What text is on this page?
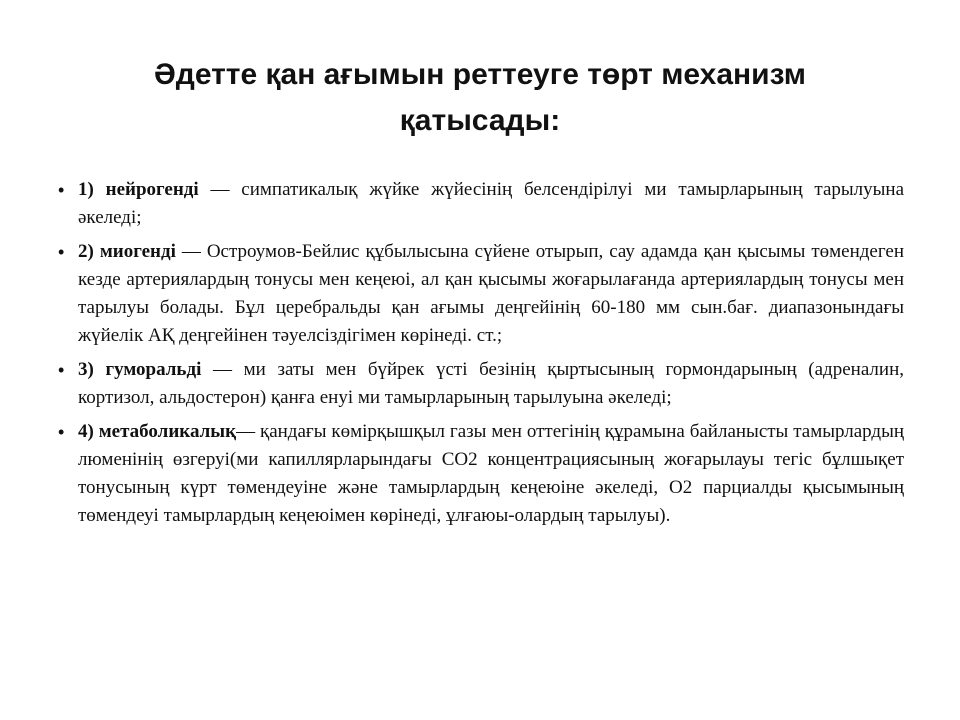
Әдетте қан ағымын реттеуге төрт механизм
қатысады:
• 1) нейрогенді — симпатикалық жүйке жүйесінің белсендірілуі ми тамырларының тарылуына әкеледі;
• 2) миогенді — Остроумов-Бейлис құбылысына сүйене отырып, сау адамда қан қысымы төмендеген кезде артериялардың тонусы мен кеңеюі, ал қан қысымы жоғарылағанда артериялардың тонусы мен тарылуы болады. Бұл церебральды қан ағымы деңгейінің 60-180 мм сын.бағ. диапазонындағы жүйелік АҚ деңгейінен тәуелсіздігімен көрінеді. ст.;
• 3) гуморальді — ми заты мен бүйрек үсті безінің қыртысының гормондарының (адреналин, кортизол, альдостерон) қанға енуі ми тамырларының тарылуына әкеледі;
• 4) метаболикалық— қандағы көмірқышқыл газы мен оттегінің құрамына байланысты тамырлардың люменінің өзгеруі(ми капиллярларындағы CO2 концентрациясының жоғарылауы тегіс бұлшықет тонусының күрт төмендеуіне және тамырлардың кеңеюіне әкеледі, O2 парциалды қысымының төмендеуі тамырлардың кеңеюімен көрінеді, ұлғаюы-олардың тарылуы).
